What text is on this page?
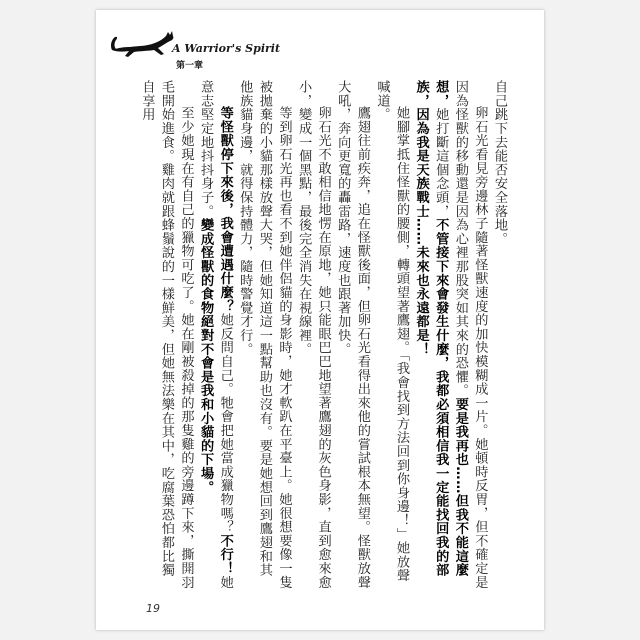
A Warrior's Spirit
第一章

自己跳下去能否安全落地。

卵石光看見旁邊林子隨著怪獸速度的加快模糊成一片。她頓時反胃，但不確定是因為怪獸的移動還是因為心裡那股突如其來的恐懼。要是我再也……但我不能這麼想，她打斷這個念頭，不管接下來會發生什麼，我都必須相信我一定能找回我的部族，因為我是天族戰士……未來也永遠都是！

她腳掌抵住怪獸的腰側，轉頭望著鷹翅。「我會找到方法回到你身邊！」她放聲喊道。

鷹翅往前疾奔，追在怪獸後面，但卵石光看得出來他的嘗試根本無望。怪獸放聲大吼，奔向更寬的轟雷路，速度也跟著加快。

卵石光不敢相信地愣在原地，她只能眼巴巴地望著鷹翅的灰色身影，直到愈來愈小，變成一個黑點，最後完全消失在視線裡。

等到卵石光再也看不到她伴侶貓的身影時，她才軟趴在平臺上。她很想要像一隻被拋棄的小貓那樣放聲大哭，但她知道這一點幫助也沒有。要是她想回到鷹翅和其他族貓身邊，就得保持體力，隨時警覺才行。

等怪獸停下來後，我會遭遇什麼？她反問自己。牠會把她當成獵物嗎？不行！她意志堅定地抖抖身子。變成怪獸的食物絕對不會是我和小貓的下場。

至少她現在有自己的獵物可吃了。她在剛被殺掉的那隻雞的旁邊蹲下來，撕開羽毛開始進食。雞肉就跟蜂鬚說的一樣鮮美，但她無法樂在其中，吃腐葉恐怕都比獨自享用

19
